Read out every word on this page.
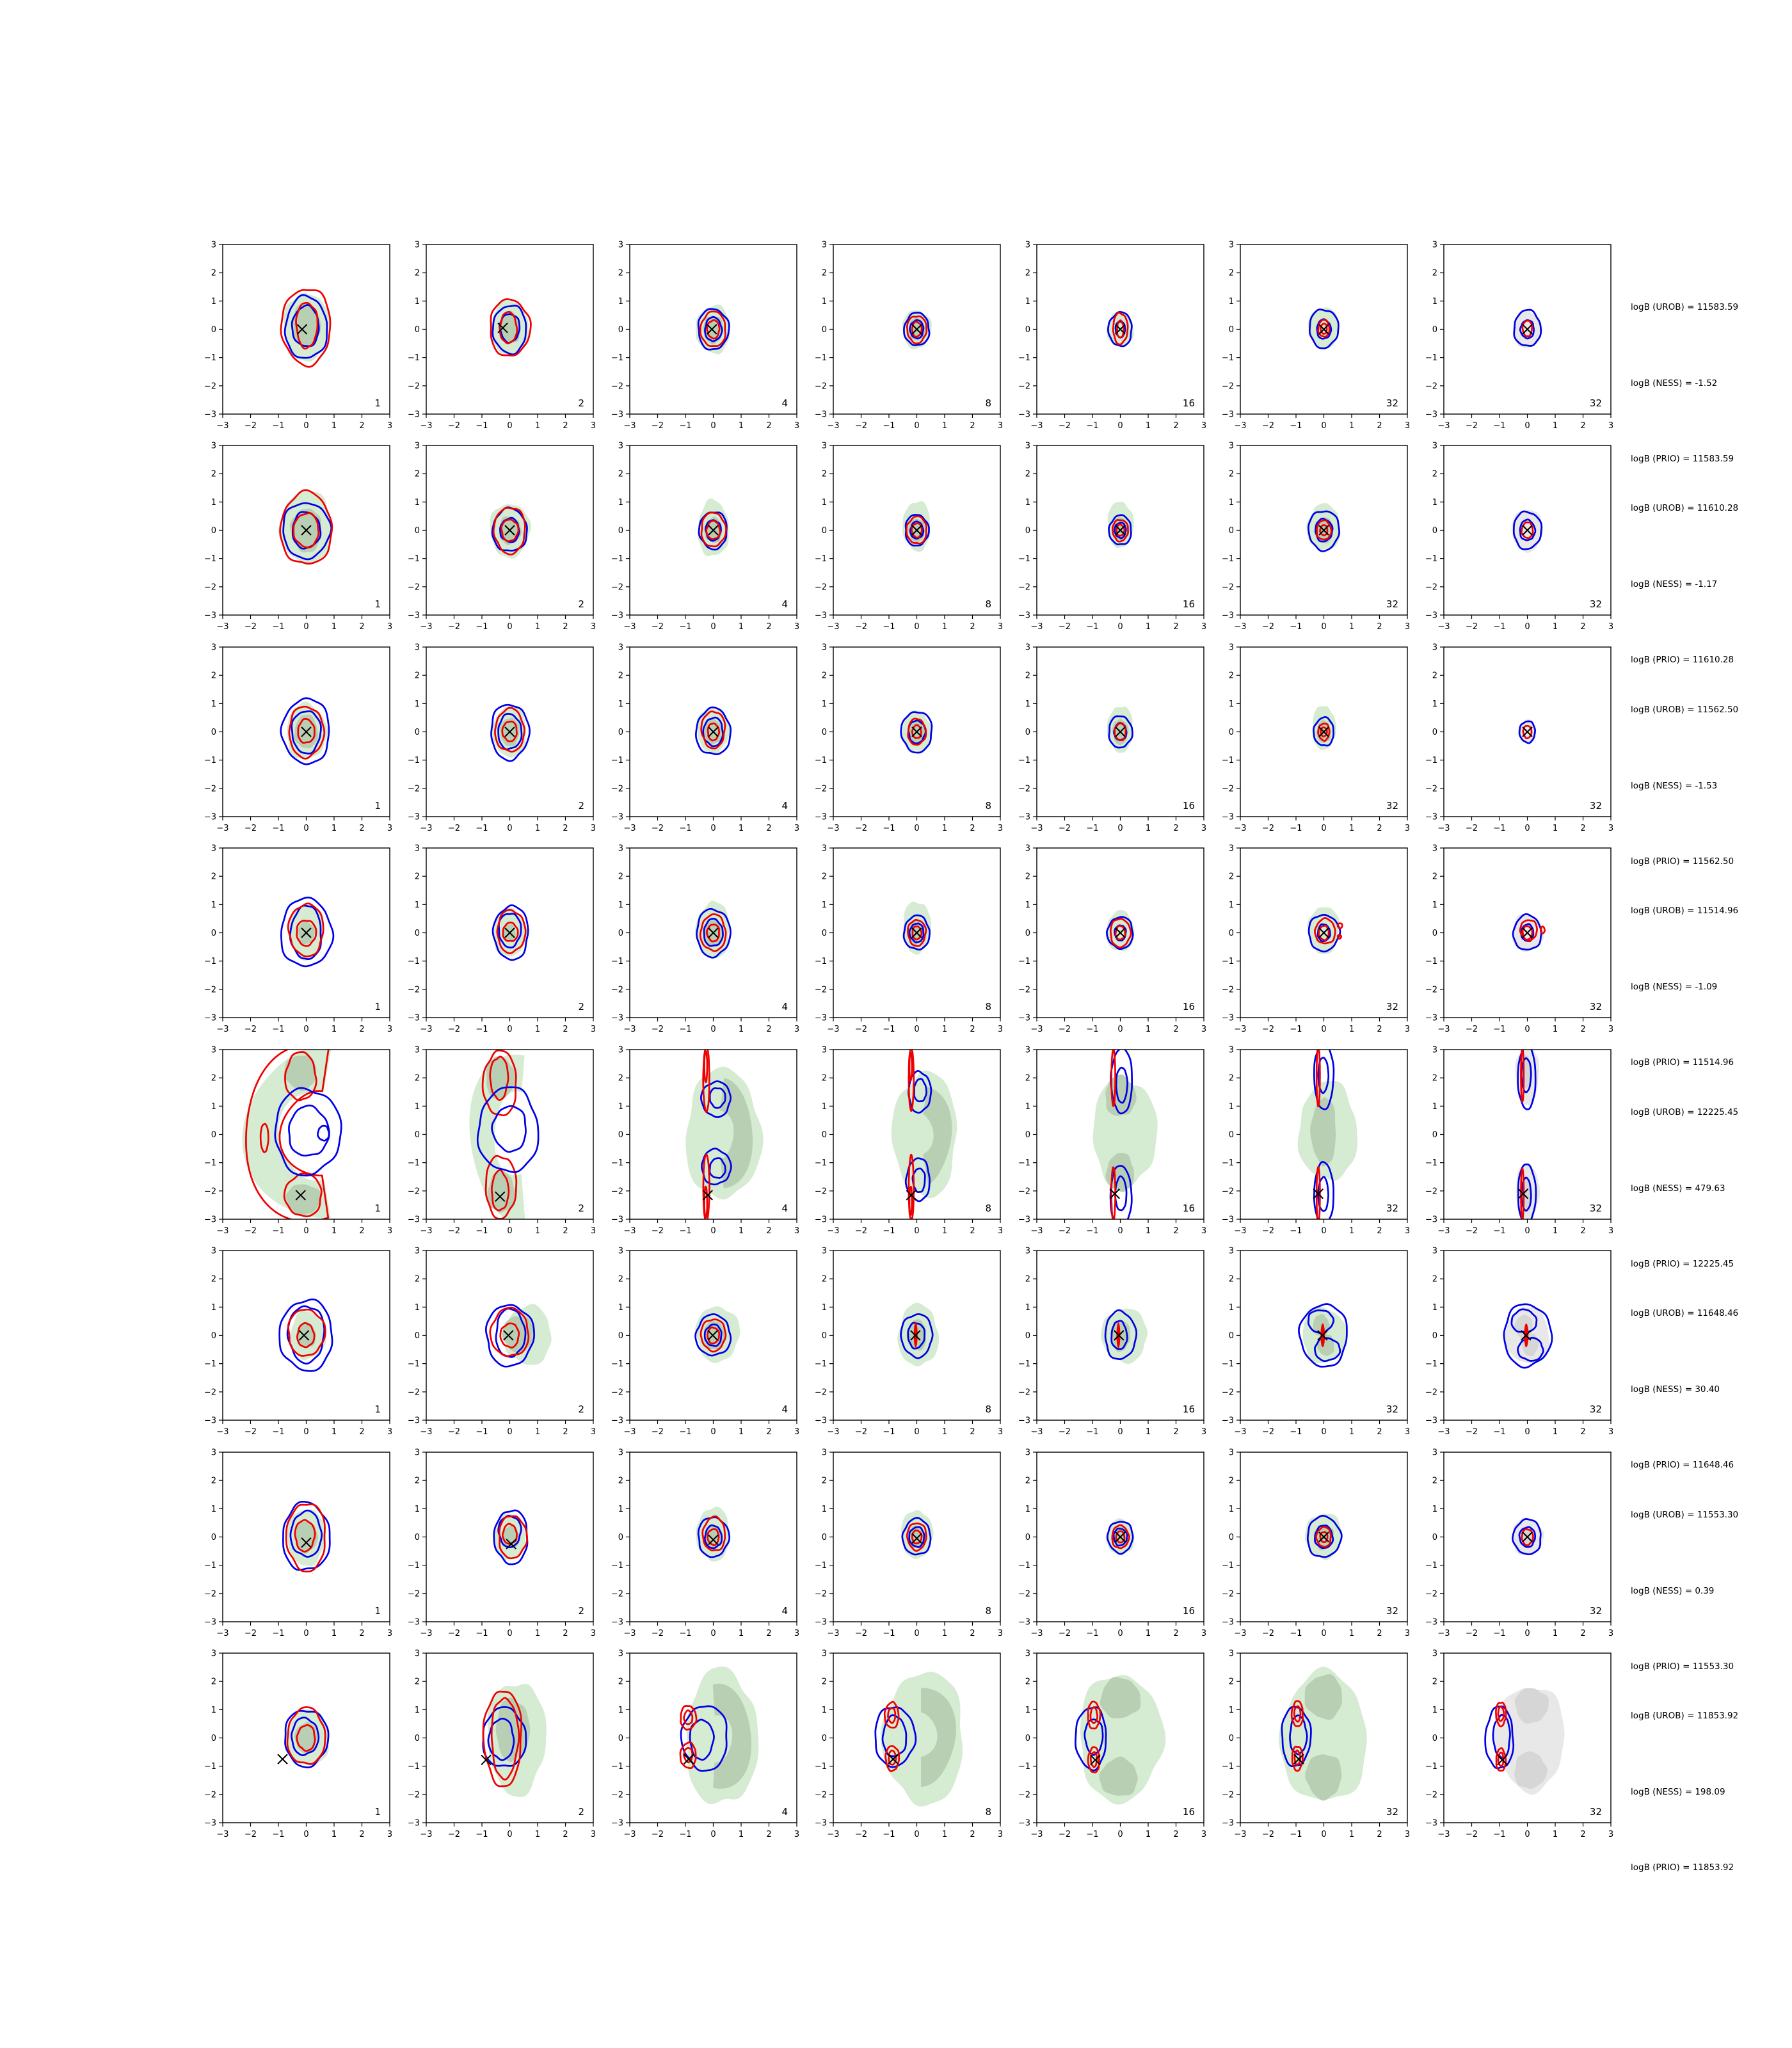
−3
−3
−2
−2
−1
−1
0
0
1
1
2
2
3
3
1
−3
−3
−2
−2
−1
−1
0
0
1
1
2
2
3
3
2
−3
−3
−2
−2
−1
−1
0
0
1
1
2
2
3
3
4
−3
−3
−2
−2
−1
−1
0
0
1
1
2
2
3
3
8
−3
−3
−2
−2
−1
−1
0
0
1
1
2
2
3
3
16
−3
−3
−2
−2
−1
−1
0
0
1
1
2
2
3
3
32
−3
−3
−2
−2
−1
−1
0
0
1
1
2
2
3
3
32

logB (UROB) = 11583.59

logB (NESS) = -1.52

logB (PRIO) = 11583.59

−3
−3
−2
−2
−1
−1
0
0
1
1
2
2
3
3
1
−3
−3
−2
−2
−1
−1
0
0
1
1
2
2
3
3
2
−3
−3
−2
−2
−1
−1
0
0
1
1
2
2
3
3
4
−3
−3
−2
−2
−1
−1
0
0
1
1
2
2
3
3
8
−3
−3
−2
−2
−1
−1
0
0
1
1
2
2
3
3
16
−3
−3
−2
−2
−1
−1
0
0
1
1
2
2
3
3
32
−3
−3
−2
−2
−1
−1
0
0
1
1
2
2
3
3
32

logB (UROB) = 11610.28

logB (NESS) = -1.17

logB (PRIO) = 11610.28

−3
−3
−2
−2
−1
−1
0
0
1
1
2
2
3
3
1
−3
−3
−2
−2
−1
−1
0
0
1
1
2
2
3
3
2
−3
−3
−2
−2
−1
−1
0
0
1
1
2
2
3
3
4
−3
−3
−2
−2
−1
−1
0
0
1
1
2
2
3
3
8
−3
−3
−2
−2
−1
−1
0
0
1
1
2
2
3
3
16
−3
−3
−2
−2
−1
−1
0
0
1
1
2
2
3
3
32
−3
−3
−2
−2
−1
−1
0
0
1
1
2
2
3
3
32

logB (UROB) = 11562.50

logB (NESS) = -1.53

logB (PRIO) = 11562.50

−3
−3
−2
−2
−1
−1
0
0
1
1
2
2
3
3
1
−3
−3
−2
−2
−1
−1
0
0
1
1
2
2
3
3
2
−3
−3
−2
−2
−1
−1
0
0
1
1
2
2
3
3
4
−3
−3
−2
−2
−1
−1
0
0
1
1
2
2
3
3
8
−3
−3
−2
−2
−1
−1
0
0
1
1
2
2
3
3
16
−3
−3
−2
−2
−1
−1
0
0
1
1
2
2
3
3
32
−3
−3
−2
−2
−1
−1
0
0
1
1
2
2
3
3
32

logB (UROB) = 11514.96

logB (NESS) = -1.09

logB (PRIO) = 11514.96

−3
−3
−2
−2
−1
−1
0
0
1
1
2
2
3
3
1
−3
−3
−2
−2
−1
−1
0
0
1
1
2
2
3
3
2
−3
−3
−2
−2
−1
−1
0
0
1
1
2
2
3
3
4
−3
−3
−2
−2
−1
−1
0
0
1
1
2
2
3
3
8
−3
−3
−2
−2
−1
−1
0
0
1
1
2
2
3
3
16
−3
−3
−2
−2
−1
−1
0
0
1
1
2
2
3
3
32
−3
−3
−2
−2
−1
−1
0
0
1
1
2
2
3
3
32

logB (UROB) = 12225.45

logB (NESS) = 479.63

logB (PRIO) = 12225.45

−3
−3
−2
−2
−1
−1
0
0
1
1
2
2
3
3
1
−3
−3
−2
−2
−1
−1
0
0
1
1
2
2
3
3
2
−3
−3
−2
−2
−1
−1
0
0
1
1
2
2
3
3
4
−3
−3
−2
−2
−1
−1
0
0
1
1
2
2
3
3
8
−3
−3
−2
−2
−1
−1
0
0
1
1
2
2
3
3
16
−3
−3
−2
−2
−1
−1
0
0
1
1
2
2
3
3
32
−3
−3
−2
−2
−1
−1
0
0
1
1
2
2
3
3
32

logB (UROB) = 11648.46

logB (NESS) = 30.40

logB (PRIO) = 11648.46

−3
−3
−2
−2
−1
−1
0
0
1
1
2
2
3
3
1
−3
−3
−2
−2
−1
−1
0
0
1
1
2
2
3
3
2
−3
−3
−2
−2
−1
−1
0
0
1
1
2
2
3
3
4
−3
−3
−2
−2
−1
−1
0
0
1
1
2
2
3
3
8
−3
−3
−2
−2
−1
−1
0
0
1
1
2
2
3
3
16
−3
−3
−2
−2
−1
−1
0
0
1
1
2
2
3
3
32
−3
−3
−2
−2
−1
−1
0
0
1
1
2
2
3
3
32

logB (UROB) = 11553.30

logB (NESS) = 0.39

logB (PRIO) = 11553.30

−3
−3
−2
−2
−1
−1
0
0
1
1
2
2
3
3
1
−3
−3
−2
−2
−1
−1
0
0
1
1
2
2
3
3
2
−3
−3
−2
−2
−1
−1
0
0
1
1
2
2
3
3
4
−3
−3
−2
−2
−1
−1
0
0
1
1
2
2
3
3
8
−3
−3
−2
−2
−1
−1
0
0
1
1
2
2
3
3
16
−3
−3
−2
−2
−1
−1
0
0
1
1
2
2
3
3
32
−3
−3
−2
−2
−1
−1
0
0
1
1
2
2
3
3
32

logB (UROB) = 11853.92

logB (NESS) = 198.09

logB (PRIO) = 11853.92
